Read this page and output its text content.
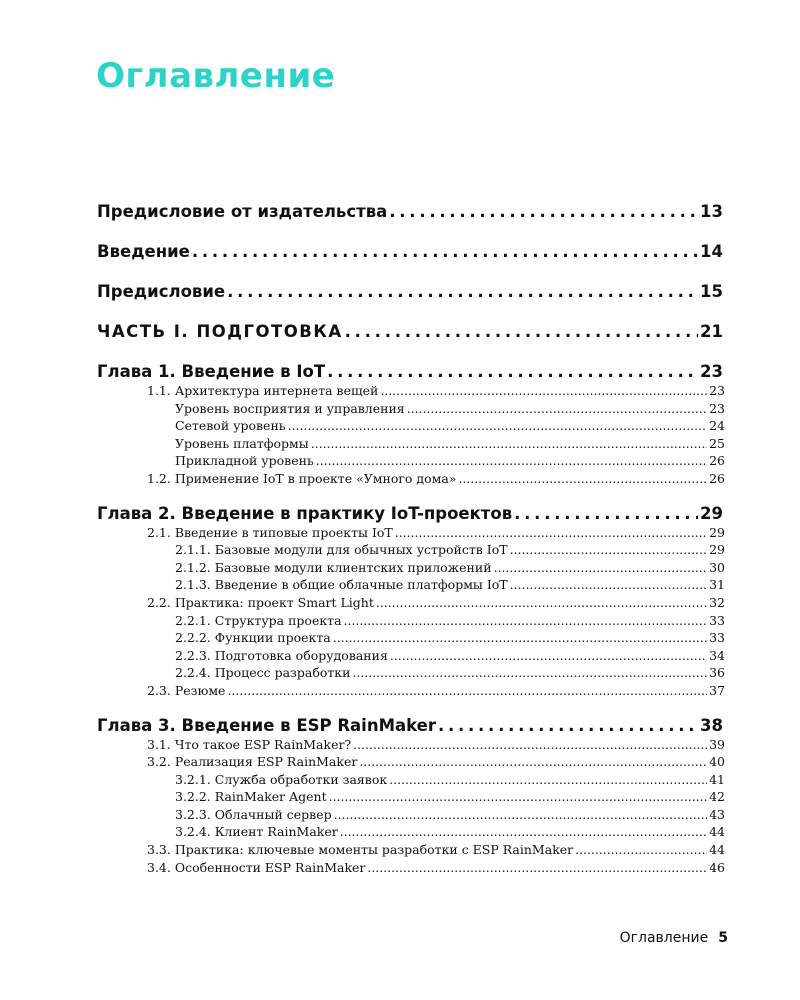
Оглавление
Предисловие от издательства . . .	13
Введение . . .	14
Предисловие . . .	15
ЧАСТЬ I. ПОДГОТОВКА . . .	21
Глава 1. Введение в IoT . . .	23
1.1. Архитектура интернета вещей . . .	23
Уровень восприятия и управления . . .	23
Сетевой уровень . . .	24
Уровень платформы . . .	25
Прикладной уровень . . .	26
1.2. Применение IoT в проекте «Умного дома» . . .	26
Глава 2. Введение в практику IoT-проектов . . .	29
2.1. Введение в типовые проекты IoT . . .	29
2.1.1. Базовые модули для обычных устройств IoT . . .	29
2.1.2. Базовые модули клиентских приложений . . .	30
2.1.3. Введение в общие облачные платформы IoT . . .	31
2.2. Практика: проект Smart Light . . .	32
2.2.1. Структура проекта . . .	33
2.2.2. Функции проекта . . .	33
2.2.3. Подготовка оборудования . . .	34
2.2.4. Процесс разработки . . .	36
2.3. Резюме . . .	37
Глава 3. Введение в ESP RainMaker . . .	38
3.1. Что такое ESP RainMaker? . . .	39
3.2. Реализация ESP RainMaker . . .	40
3.2.1. Служба обработки заявок . . .	41
3.2.2. RainMaker Agent . . .	42
3.2.3. Облачный сервер . . .	43
3.2.4. Клиент RainMaker . . .	44
3.3. Практика: ключевые моменты разработки с ESP RainMaker . . .	44
3.4. Особенности ESP RainMaker . . .	46
Оглавление 5
